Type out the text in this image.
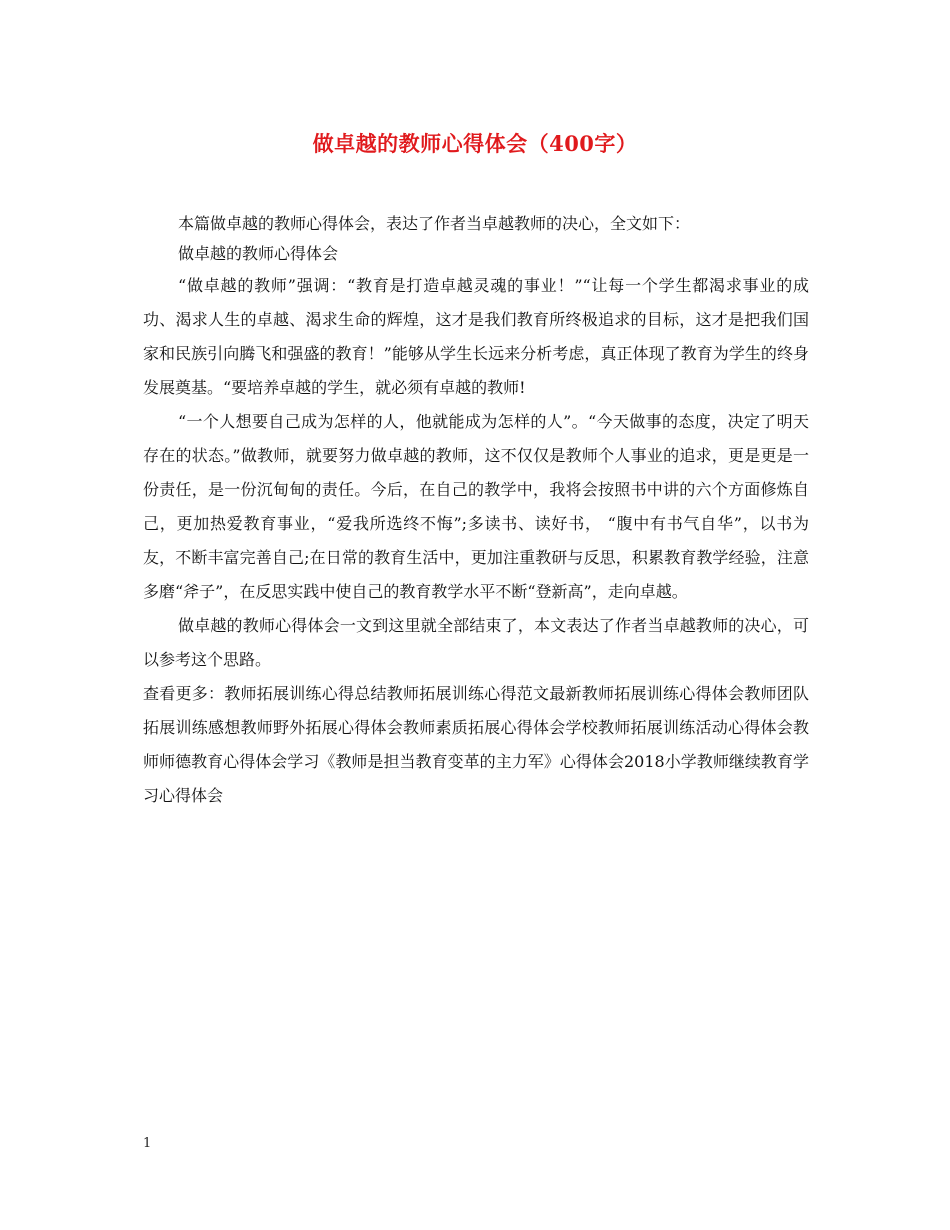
做卓越的教师心得体会（400字）

本篇做卓越的教师心得体会，表达了作者当卓越教师的决心，全文如下：

做卓越的教师心得体会

“做卓越的教师”强调：“教育是打造卓越灵魂的事业！”“让每一个学生都渴求事业的成功、渴求人生的卓越、渴求生命的辉煌，这才是我们教育所终极追求的目标，这才是把我们国家和民族引向腾飞和强盛的教育！”能够从学生长远来分析考虑，真正体现了教育为学生的终身发展奠基。“要培养卓越的学生，就必须有卓越的教师!

“一个人想要自己成为怎样的人，他就能成为怎样的人”。“今天做事的态度，决定了明天存在的状态。”做教师，就要努力做卓越的教师，这不仅仅是教师个人事业的追求，更是更是一份责任，是一份沉甸甸的责任。今后，在自己的教学中，我将会按照书中讲的六个方面修炼自己，更加热爱教育事业，“爱我所选终不悔”;多读书、读好书， “腹中有书气自华”，以书为友，不断丰富完善自己;在日常的教育生活中，更加注重教研与反思，积累教育教学经验，注意多磨“斧子”，在反思实践中使自己的教育教学水平不断“登新高”，走向卓越。

做卓越的教师心得体会一文到这里就全部结束了，本文表达了作者当卓越教师的决心，可以参考这个思路。

查看更多：教师拓展训练心得总结教师拓展训练心得范文最新教师拓展训练心得体会教师团队拓展训练感想教师野外拓展心得体会教师素质拓展心得体会学校教师拓展训练活动心得体会教师师德教育心得体会学习《教师是担当教育变革的主力军》心得体会2018小学教师继续教育学习心得体会

1
